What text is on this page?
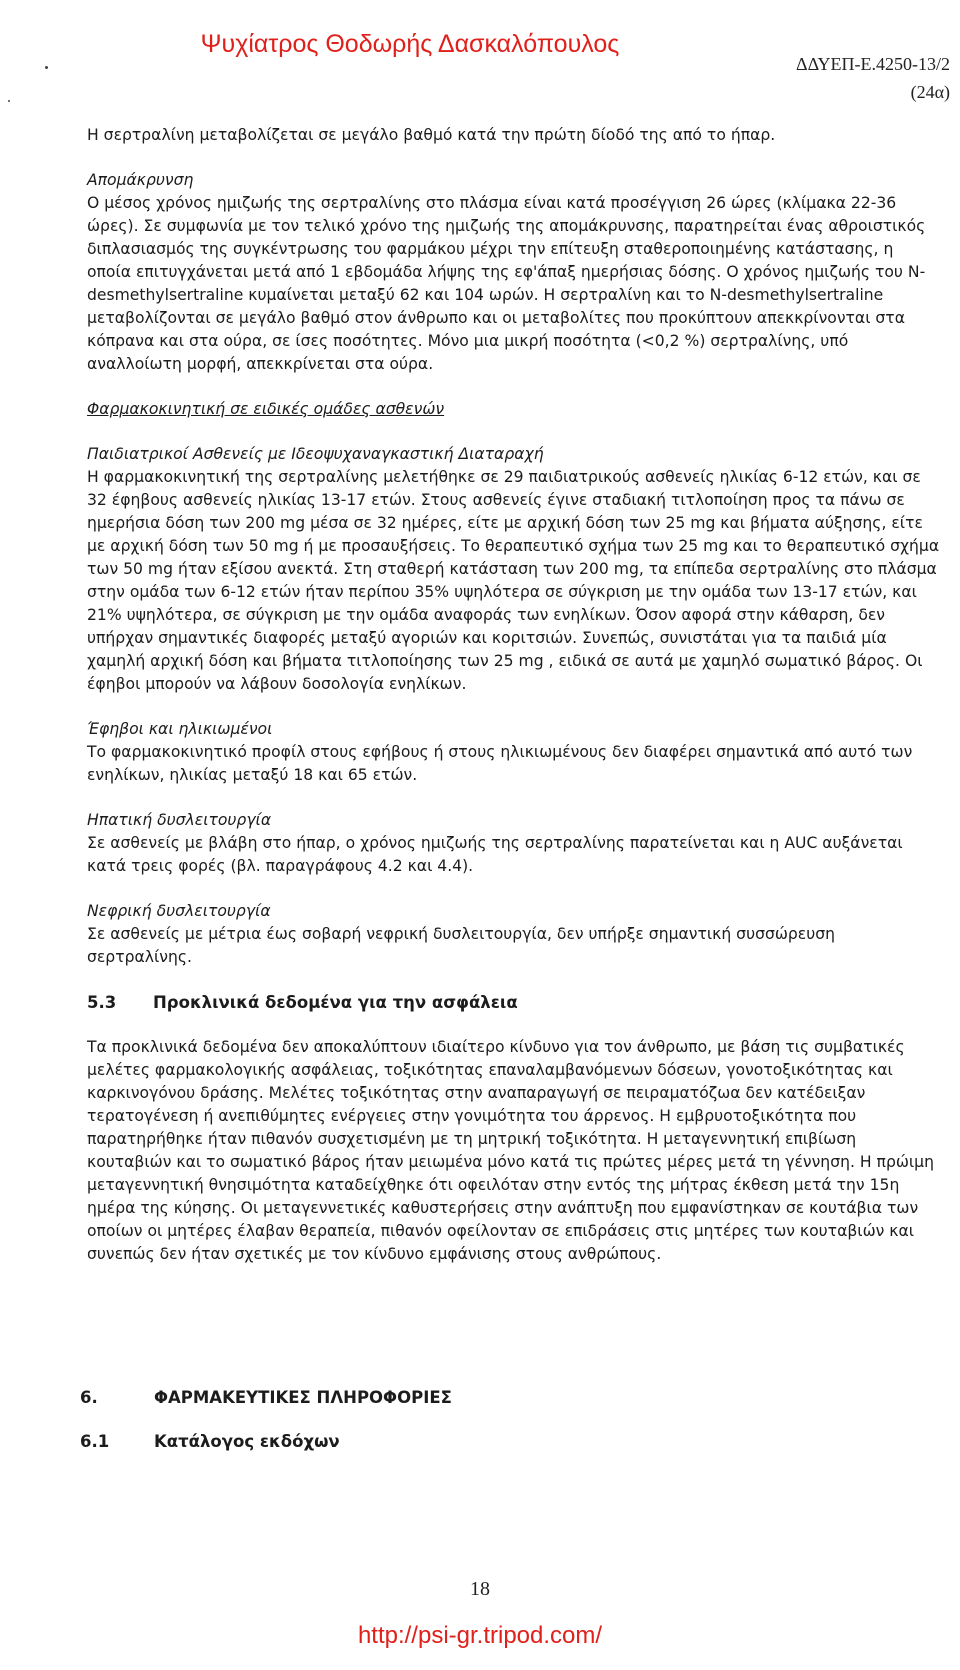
Ψυχίατρος Θοδωρής Δασκαλόπουλος
ΔΔΥΕΠ-Ε.4250-13/2
(24α)

Η σερτραλίνη μεταβολίζεται σε μεγάλο βαθμό κατά την πρώτη δίοδό της από το ήπαρ.

Απομάκρυνση

Ο μέσος χρόνος ημιζωής της σερτραλίνης στο πλάσμα είναι κατά προσέγγιση 26 ώρες (κλίμακα 22-36 ώρες). Σε συμφωνία με τον τελικό χρόνο της ημιζωής της απομάκρυνσης, παρατηρείται ένας αθροιστικός διπλασιασμός της συγκέντρωσης του φαρμάκου μέχρι την επίτευξη σταθεροποιημένης κατάστασης, η οποία επιτυγχάνεται μετά από 1 εβδομάδα λήψης της εφ'άπαξ ημερήσιας δόσης. Ο χρόνος ημιζωής του N-desmethylsertraline κυμαίνεται μεταξύ 62 και 104 ωρών. Η σερτραλίνη και το N-desmethylsertraline μεταβολίζονται σε μεγάλο βαθμό στον άνθρωπο και οι μεταβολίτες που προκύπτουν απεκκρίνονται στα κόπρανα και στα ούρα, σε ίσες ποσότητες. Μόνο μια μικρή ποσότητα (<0,2 %) σερτραλίνης, υπό αναλλοίωτη μορφή, απεκκρίνεται στα ούρα.

Φαρμακοκινητική σε ειδικές ομάδες ασθενών

Παιδιατρικοί Ασθενείς με Ιδεοψυχαναγκαστική Διαταραχή

Η φαρμακοκινητική της σερτραλίνης μελετήθηκε σε 29 παιδιατρικούς ασθενείς ηλικίας 6-12 ετών, και σε 32 έφηβους ασθενείς ηλικίας 13-17 ετών. Στους ασθενείς έγινε σταδιακή τιτλοποίηση προς τα πάνω σε ημερήσια δόση των 200 mg μέσα σε 32 ημέρες, είτε με αρχική δόση των 25 mg και βήματα αύξησης, είτε με αρχική δόση των 50 mg ή με προσαυξήσεις. Το θεραπευτικό σχήμα των 25 mg και το θεραπευτικό σχήμα των 50 mg ήταν εξίσου ανεκτά. Στη σταθερή κατάσταση των 200 mg, τα επίπεδα σερτραλίνης στο πλάσμα στην ομάδα των 6-12 ετών ήταν περίπου 35% υψηλότερα σε σύγκριση με την ομάδα των 13-17 ετών, και 21% υψηλότερα, σε σύγκριση με την ομάδα αναφοράς των ενηλίκων. Όσον αφορά στην κάθαρση, δεν υπήρχαν σημαντικές διαφορές μεταξύ αγοριών και κοριτσιών. Συνεπώς, συνιστάται για τα παιδιά μία χαμηλή αρχική δόση και βήματα τιτλοποίησης των 25 mg , ειδικά σε αυτά με χαμηλό σωματικό βάρος. Οι έφηβοι μπορούν να λάβουν δοσολογία ενηλίκων.

Έφηβοι και ηλικιωμένοι

Το φαρμακοκινητικό προφίλ στους εφήβους ή στους ηλικιωμένους δεν διαφέρει σημαντικά από αυτό των ενηλίκων, ηλικίας μεταξύ 18 και 65 ετών.

Ηπατική δυσλειτουργία

Σε ασθενείς με βλάβη στο ήπαρ, ο χρόνος ημιζωής της σερτραλίνης παρατείνεται και η AUC αυξάνεται κατά τρεις φορές (βλ. παραγράφους 4.2 και 4.4).

Νεφρική δυσλειτουργία

Σε ασθενείς με μέτρια έως σοβαρή νεφρική δυσλειτουργία, δεν υπήρξε σημαντική συσσώρευση σερτραλίνης.

5.3	Προκλινικά δεδομένα για την ασφάλεια

Τα προκλινικά δεδομένα δεν αποκαλύπτουν ιδιαίτερο κίνδυνο για τον άνθρωπο, με βάση τις συμβατικές μελέτες φαρμακολογικής ασφάλειας, τοξικότητας επαναλαμβανόμενων δόσεων, γονοτοξικότητας και καρκινογόνου δράσης. Μελέτες τοξικότητας στην αναπαραγωγή σε πειραματόζωα δεν κατέδειξαν τερατογένεση ή ανεπιθύμητες ενέργειες στην γονιμότητα του άρρενος. Η εμβρυοτοξικότητα που παρατηρήθηκε ήταν πιθανόν συσχετισμένη με τη μητρική τοξικότητα. Η μεταγεννητική επιβίωση κουταβιών και το σωματικό βάρος ήταν μειωμένα μόνο κατά τις πρώτες μέρες μετά τη γέννηση. Η πρώιμη μεταγεννητική θνησιμότητα καταδείχθηκε ότι οφειλόταν στην εντός της μήτρας έκθεση μετά την 15η ημέρα της κύησης. Οι μεταγεννετικές καθυστερήσεις στην ανάπτυξη που εμφανίστηκαν σε κουτάβια των οποίων οι μητέρες έλαβαν θεραπεία, πιθανόν οφείλονταν σε επιδράσεις στις μητέρες των κουταβιών και συνεπώς δεν ήταν σχετικές με τον κίνδυνο εμφάνισης στους ανθρώπους.

6.	ΦΑΡΜΑΚΕΥΤΙΚΕΣ ΠΛΗΡΟΦΟΡΙΕΣ
6.1	Κατάλογος εκδόχων
18
http://psi-gr.tripod.com/
